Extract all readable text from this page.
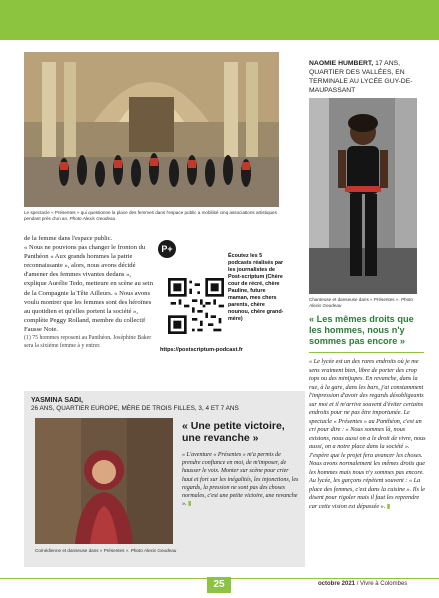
Le spectacle « Présentes » qui questionne la place des femmes dans l'espace public a mobilisé cinq associations artistiques pendant près d'un an. Photo Alexis Geudeau
de la femme dans l'espace public.
« Nous ne pouvions pas changer le fronton du Panthéon « Aux grands hommes la patrie reconnaissante », alors, nous avons décidé d'amener des femmes vivantes dedans », explique Aurélie Tedo, metteure en scène au sein de la Compagnie la Tête Ailleurs. « Nous avons voulu montrer que les femmes sont des héroïnes au quotidien et qu'elles portent la société », complète Peggy Rolland, membre du collectif Fausse Note.
(1) 75 hommes reposent au Panthéon. Joséphine Baker sera la sixième femme à y entrer.
P+
Écoutez les 5 podcasts réalisés par les journalistes de Post-scriptum (Chère cour de récré, chère Pauline, future maman, mes chers parents, chère nounou, chère grand-mère)
https://postscriptum-podcast.fr
NAOMIE HUMBERT, 17 ANS, QUARTIER DES VALLÉES, EN TERMINALE AU LYCÉE GUY-DE-MAUPASSANT
Chanteuse et danseuse dans « Présentes ». Photo Alexis Geudeau
« Les mêmes droits que les hommes, nous n'y sommes pas encore »
« Le lycée est un des rares endroits où je me sens vraiment bien, libre de porter des crop tops ou des minijupes. En revanche, dans la rue, à la gare, dans les bars, j'ai constamment l'impression d'avoir des regards désobligeants sur moi et il m'arrive souvent d'éviter certains endroits pour ne pas être importunée. Le spectacle « Présentes » au Panthéon, c'est un cri pour dire : « Nous sommes là, nous existons, nous aussi on a le droit de vivre, nous aussi, on a notre place dans la société ». J'espère que le projet fera avancer les choses. Nous avons normalement les mêmes droits que les hommes mais nous n'y sommes pas encore. Au lycée, les garçons répètent souvent : « La place des femmes, c'est dans la cuisine ». Ils le disent pour rigoler mais il faut les reprendre car cette vision est dépassée ». ▮
YASMINA SADI,
26 ANS, QUARTIER EUROPE, MÈRE DE TROIS FILLES, 3, 4 ET 7 ANS
« Une petite victoire, une revanche »
« L'aventure « Présentes » m'a permis de prendre confiance en moi, de m'imposer, de hausser le voix. Monter sur scène pour crier haut et fort sur les inégalités, les injonctions, les regards, la pression ne sont pas des choses normales, c'est une petite victoire, une revanche ». ▮
Comédienne et danseuse dans « Présentes ». Photo Alexis Geudeau
25	octobre 2021 / Vivre à Colombes
